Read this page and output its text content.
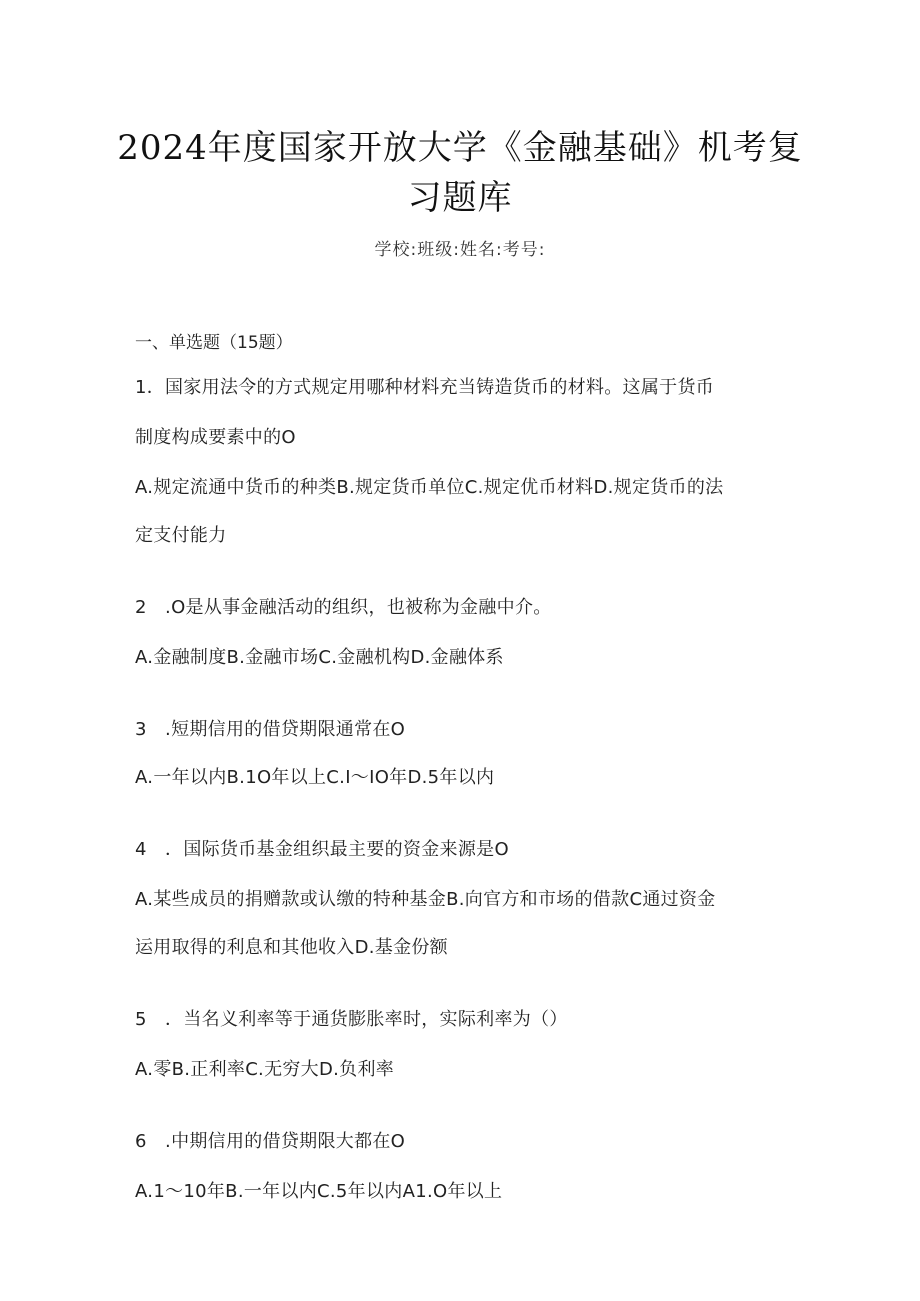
2024年度国家开放大学《金融基础》机考复
习题库
学校:班级:姓名:考号:
一、单选题（15题）
1．国家用法令的方式规定用哪种材料充当铸造货币的材料。这属于货币
制度构成要素中的O
A.规定流通中货币的种类B.规定货币单位C.规定优币材料D.规定货币的法
定支付能力
2　.O是从事金融活动的组织，也被称为金融中介。
A.金融制度B.金融市场C.金融机构D.金融体系
3　.短期信用的借贷期限通常在O
A.一年以内B.1O年以上C.I～IO年D.5年以内
4　．国际货币基金组织最主要的资金来源是O
A.某些成员的捐赠款或认缴的特种基金B.向官方和市场的借款C通过资金
运用取得的利息和其他收入D.基金份额
5　．当名义利率等于通货膨胀率时，实际利率为（）
A.零B.正利率C.无穷大D.负利率
6　.中期信用的借贷期限大都在O
A.1～10年B.一年以内C.5年以内A1.O年以上
